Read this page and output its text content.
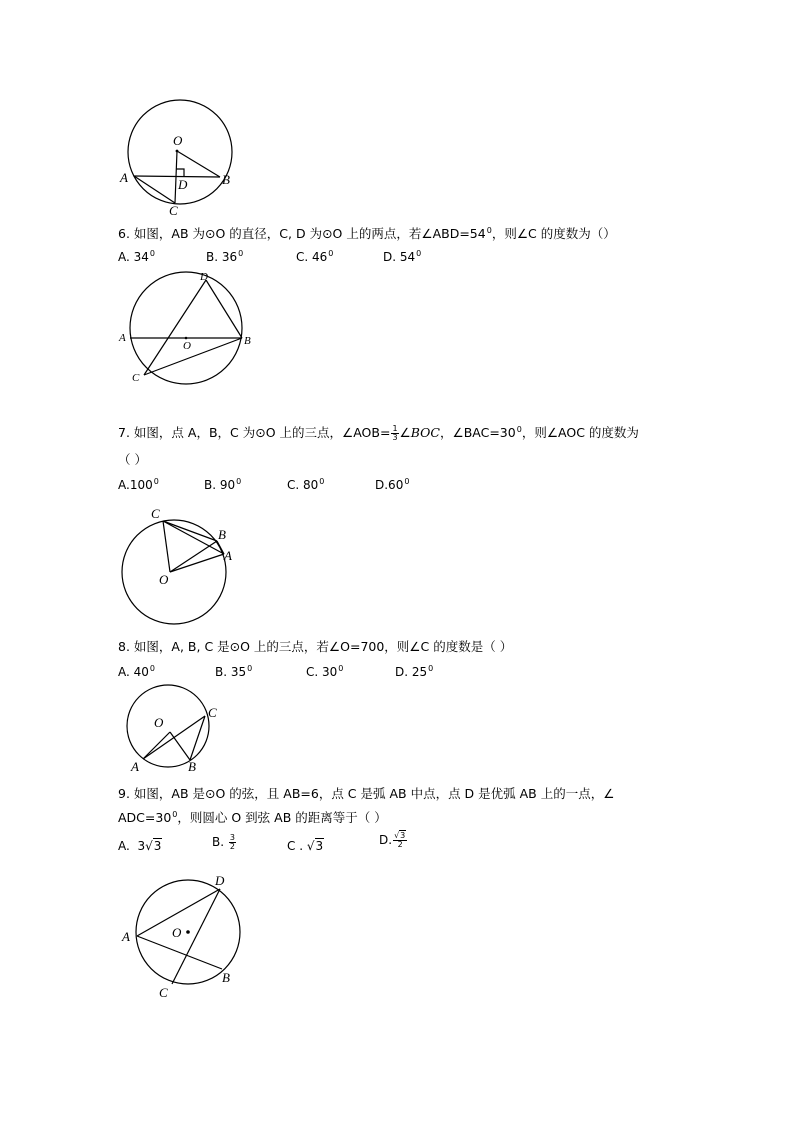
O
A	B
D
C
6. 如图，AB 为⊙O 的直径，C, D 为⊙O 上的两点，若$\angle ABD=54^0$，则∠C 的度数为（）
A. $34^0$	B. $36^0$	C. $46^0$	D. $54^0$
D
A	B
O
C
7. 如图，点 A，B，C 为⊙O 上的三点，∠AOB= $\frac{1}{3}$ ∠BOC，$\angle BAC=30^0$，则∠AOC 的度数为
（ ）
A.100$^0$	B. $90^0$	C. $80^0$	$D.60^0$
C
B
A
O
8. 如图，A, B, C 是⊙O 上的三点，若∠O=700，则∠C 的度数是（ ）
A. $40^0$	B. $35^0$	C. $30^0$	D. $25^0$
O
C
A	B
9. 如图，AB 是⊙O 的弦，且 AB=6，点 C 是弧 AB 中点，点 D 是优弧 AB 上的一点，∠
$ADC=30^0$，则圆心 O 到弦 AB 的距离等于（ ）
A. 3√3	B. $\frac{3}{2}$	C . √3	D. $\frac{√3}{2}$
D
A	O
B
C
